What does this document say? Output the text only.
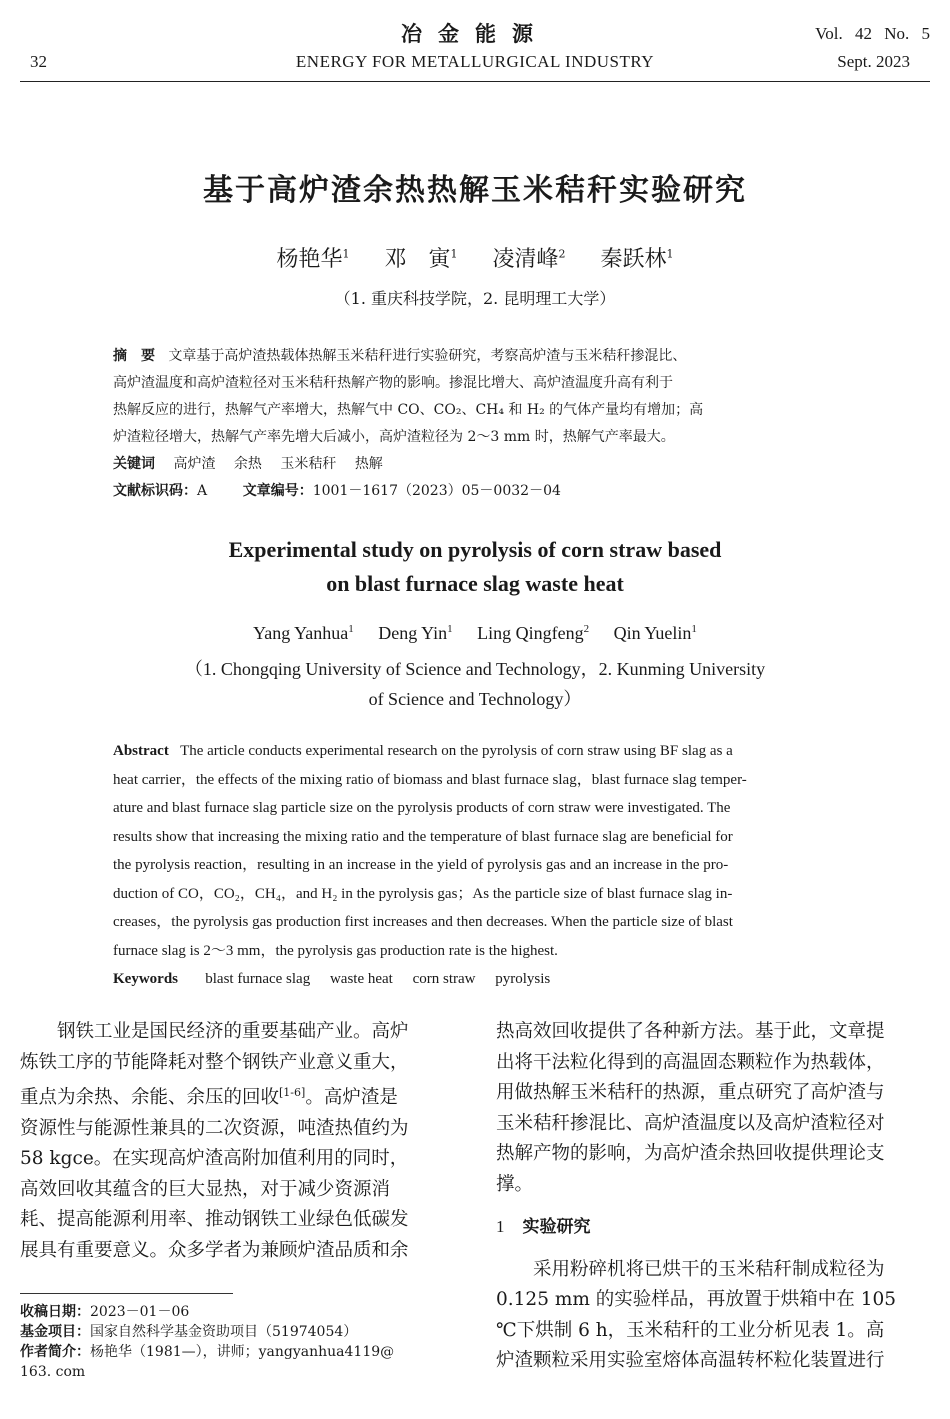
32
冶金能源
ENERGY FOR METALLURGICAL INDUSTRY
Vol. 42 No. 5
Sept. 2023
基于高炉渣余热热解玉米秸秆实验研究
杨艳华$^1$ 邓　寅$^1$ 凌清峰$^2$ 秦跃林$^1$
（1. 重庆科技学院，2. 昆明理工大学）
摘　要 文章基于高炉渣热载体热解玉米秸秆进行实验研究，考察高炉渣与玉米秸秆掺混比、
高炉渣温度和高炉渣粒径对玉米秸秆热解产物的影响。掺混比增大、高炉渣温度升高有利于
热解反应的进行，热解气产率增大，热解气中 CO、CO₂、CH₄ 和 H₂ 的气体产量均有增加；高
炉渣粒径增大，热解气产率先增大后减小，高炉渣粒径为 2～3 mm 时，热解气产率最大。
关键词 高炉渣 余热 玉米秸秆 热解
文献标识码：A	文章编号：1001－1617（2023）05－0032－04
Experimental study on pyrolysis of corn straw based
on blast furnace slag waste heat
Yang Yanhua$^1$ Deng Yin$^1$ Ling Qingfeng$^2$ Qin Yuelin$^1$
（1. Chongqing University of Science and Technology，2. Kunming University
of Science and Technology）
Abstract The article conducts experimental research on the pyrolysis of corn straw using BF slag as a
heat carrier，the effects of the mixing ratio of biomass and blast furnace slag，blast furnace slag temper-
ature and blast furnace slag particle size on the pyrolysis products of corn straw were investigated. The
results show that increasing the mixing ratio and the temperature of blast furnace slag are beneficial for
the pyrolysis reaction，resulting in an increase in the yield of pyrolysis gas and an increase in the pro-
duction of CO，CO₂，CH₄，and H₂ in the pyrolysis gas；As the particle size of blast furnace slag in-
creases，the pyrolysis gas production first increases and then decreases. When the particle size of blast
furnace slag is 2～3 mm，the pyrolysis gas production rate is the highest.
Keywords blast furnace slag waste heat corn straw pyrolysis
钢铁工业是国民经济的重要基础产业。高炉
炼铁工序的节能降耗对整个钢铁产业意义重大，
重点为余热、余能、余压的回收[1-6]。高炉渣是
资源性与能源性兼具的二次资源，吨渣热值约为
58 kgce。在实现高炉渣高附加值利用的同时，
高效回收其蕴含的巨大显热，对于减少资源消
耗、提高能源利用率、推动钢铁工业绿色低碳发
展具有重要意义。众多学者为兼顾炉渣品质和余
热高效回收提供了各种新方法。基于此，文章提
出将干法粒化得到的高温固态颗粒作为热载体，
用做热解玉米秸秆的热源，重点研究了高炉渣与
玉米秸秆掺混比、高炉渣温度以及高炉渣粒径对
热解产物的影响，为高炉渣余热回收提供理论支
撑。
1 实验研究
采用粉碎机将已烘干的玉米秸秆制成粒径为
0.125 mm 的实验样品，再放置于烘箱中在 105
℃下烘制 6 h，玉米秸秆的工业分析见表 1。高
炉渣颗粒采用实验室熔体高温转杯粒化装置进行
收稿日期：2023－01－06
基金项目：国家自然科学基金资助项目（51974054）
作者简介：杨艳华（1981—），讲师；yangyanhua4119@
163. com
